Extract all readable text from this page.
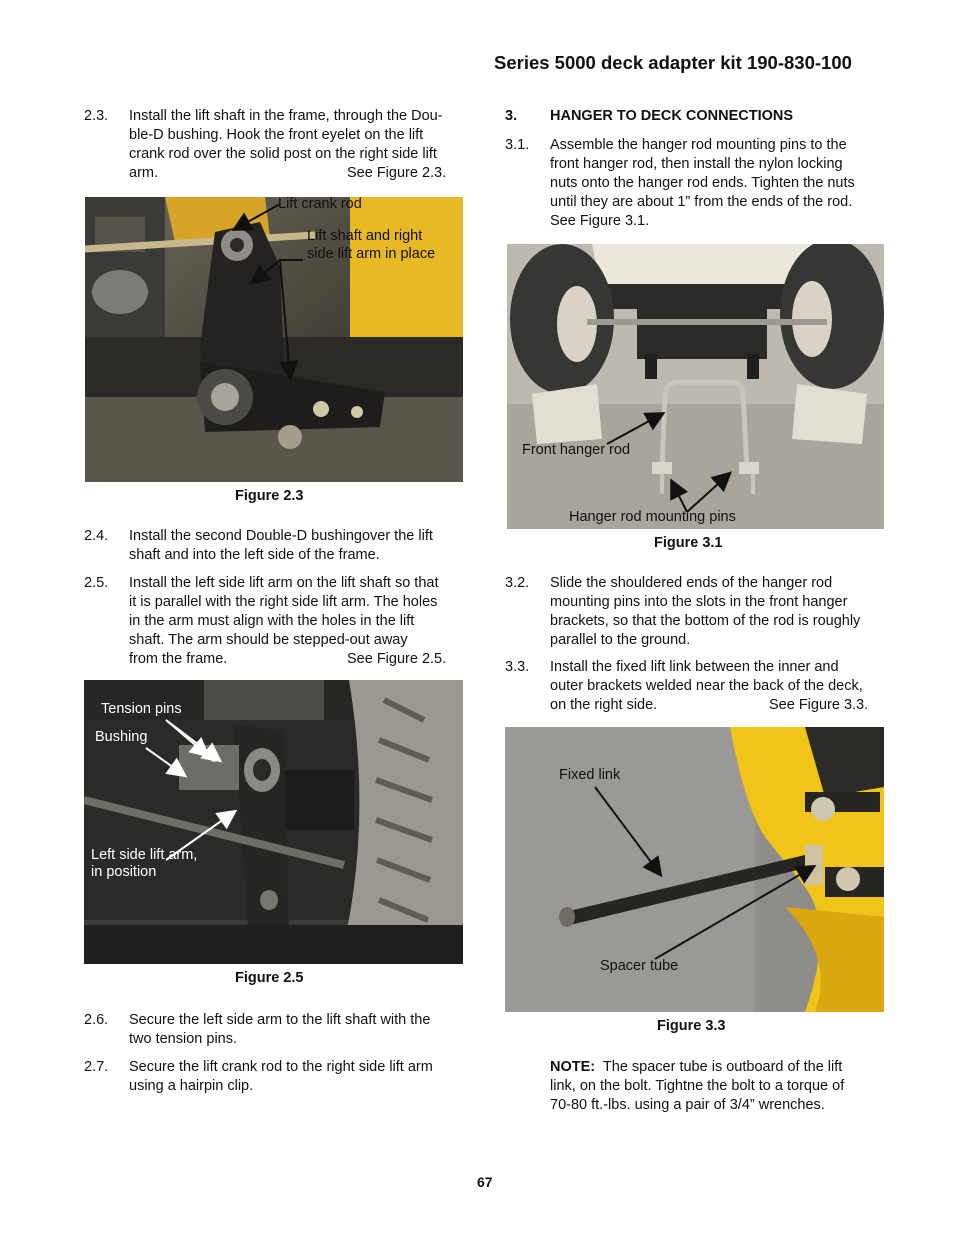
Series 5000 deck adapter kit 190-830-100
2.3. Install the lift shaft in the frame, through the Dou-
ble-D bushing. Hook the front eyelet on the lift
crank rod over the solid post on the right side lift
arm.	See Figure 2.3.
Lift crank rod
Lift shaft and right
side lift arm in place
Figure 2.3
2.4. Install the second Double-D bushingover the lift
shaft and into the left side of the frame.
2.5. Install the left side lift arm on the lift shaft so that
it is parallel with the right side lift arm. The holes
in the arm must align with the holes in the lift
shaft. The arm should be stepped-out away
from the frame.	See Figure 2.5.
Tension pins
Bushing
Left side lift arm,
in position
Figure 2.5
2.6. Secure the left side arm to the lift shaft with the
two tension pins.
2.7. Secure the lift crank rod to the right side lift arm
using a hairpin clip.
3. HANGER TO DECK CONNECTIONS
3.1. Assemble the hanger rod mounting pins to the
front hanger rod, then install the nylon locking
nuts onto the hanger rod ends. Tighten the nuts
until they are about 1” from the ends of the rod.
See Figure 3.1.
Front hanger rod
Hanger rod mounting pins
Figure 3.1
3.2. Slide the shouldered ends of the hanger rod
mounting pins into the slots in the front hanger
brackets, so that the bottom of the rod is roughly
parallel to the ground.
3.3. Install the fixed lift link between the inner and
outer brackets welded near the back of the deck,
on the right side.	See Figure 3.3.
Fixed link
Spacer tube
Figure 3.3
NOTE:  The spacer tube is outboard of the lift
link, on the bolt. Tightne the bolt to a torque of
70-80 ft.-lbs. using a pair of 3/4” wrenches.
67
